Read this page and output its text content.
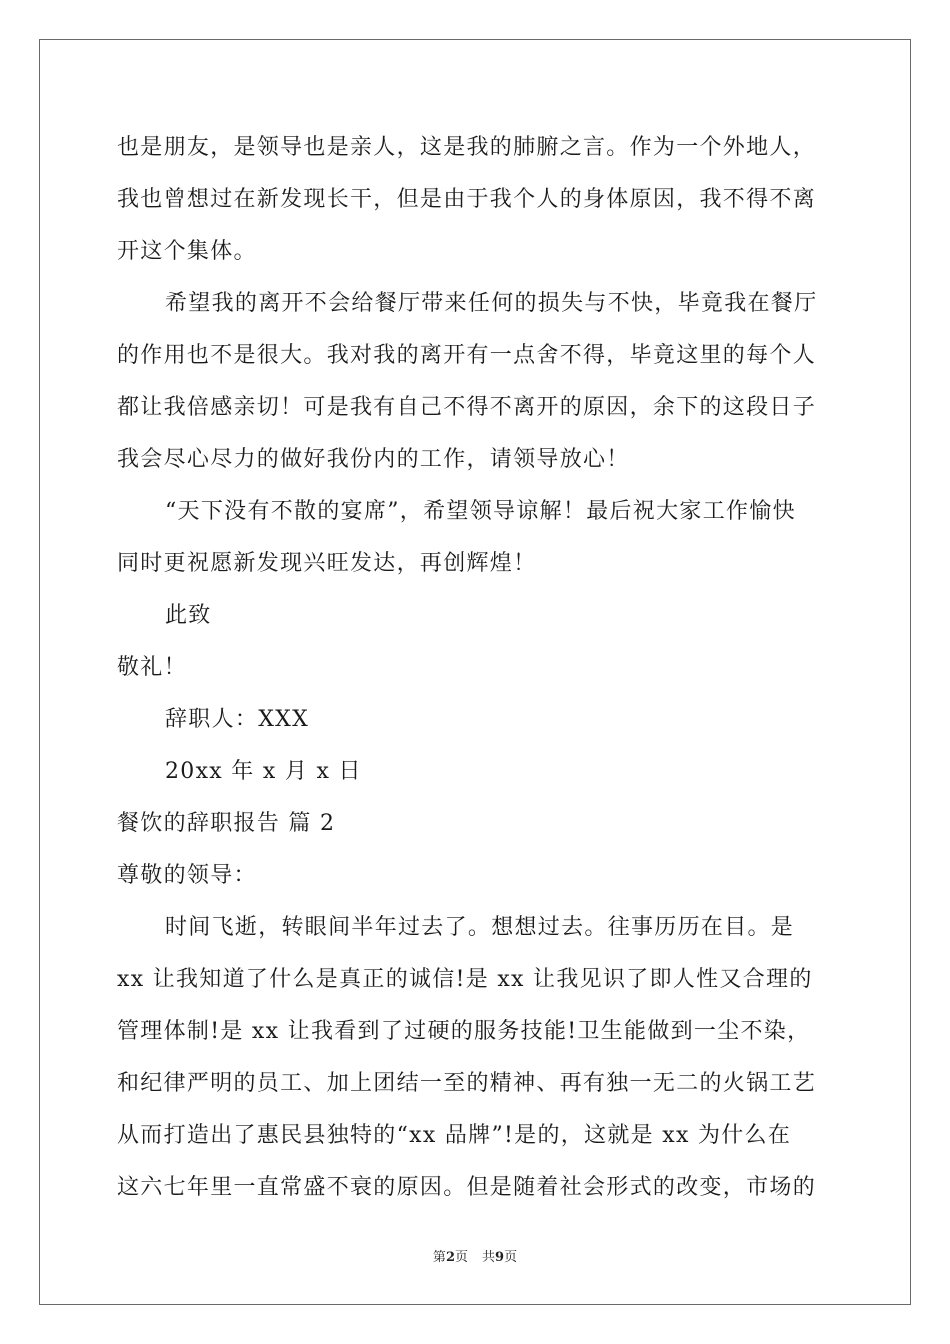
也是朋友，是领导也是亲人，这是我的肺腑之言。作为一个外地人，
我也曾想过在新发现长干，但是由于我个人的身体原因，我不得不离
开这个集体。
希望我的离开不会给餐厅带来任何的损失与不快，毕竟我在餐厅
的作用也不是很大。我对我的离开有一点舍不得，毕竟这里的每个人
都让我倍感亲切！可是我有自己不得不离开的原因，余下的这段日子
我会尽心尽力的做好我份内的工作，请领导放心！
“天下没有不散的宴席”，希望领导谅解！最后祝大家工作愉快
同时更祝愿新发现兴旺发达，再创辉煌！
此致
敬礼！
辞职人：XXX
20xx 年 x 月 x 日
餐饮的辞职报告 篇 2
尊敬的领导：
时间飞逝，转眼间半年过去了。想想过去。往事历历在目。是
xx 让我知道了什么是真正的诚信!是 xx 让我见识了即人性又合理的
管理体制!是 xx 让我看到了过硬的服务技能!卫生能做到一尘不染，
和纪律严明的员工、加上团结一至的精神、再有独一无二的火锅工艺
从而打造出了惠民县独特的“xx 品牌”!是的，这就是 xx 为什么在
这六七年里一直常盛不衰的原因。但是随着社会形式的改变，市场的
第2页 共9页
